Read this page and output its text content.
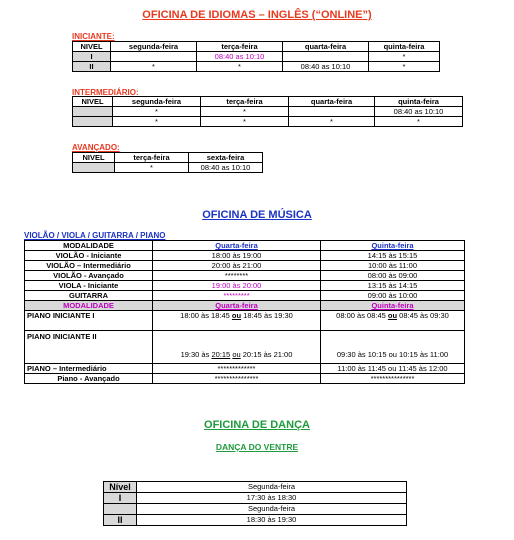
OFICINA DE IDIOMAS – INGLÊS (“ONLINE”)
INICIANTE:
NIVEL	segunda-feira	terça-feira	quarta-feira	quinta-feira
I		08:40 as 10:10		*
II	*	*	08:40 as 10:10	*
INTERMEDIÁRIO:
NIVEL	segunda-feira	terça-feira	quarta-feira	quinta-feira
	*	*		08:40 as 10:10
	*	*	*	*
AVANÇADO:
NIVEL	terça-feira	sexta-feira
	*	08:40 as 10:10
OFICINA DE MÚSICA
VIOLÃO / VIOLA / GUITARRA / PIANO
MODALIDADE	Quarta-feira	Quinta-feira
VIOLÃO - Iniciante	18:00 às 19:00	14:15 às 15:15
VIOLÃO – Intermediário	20:00 às 21:00	10:00 às 11:00
VIOLÃO - Avançado	********	08:00 às 09:00
VIOLA - Iniciante	19:00 às 20:00	13:15 às 14:15
GUITARRA	*********	09:00 às 10:00
MODALIDADE	Quarta-feira	Quinta-feira
PIANO INICIANTE I	18:00 às 18:45 ou 18:45 às 19:30	08:00 às 08:45 ou 08:45 às 09:30
PIANO INICIANTE II	19:30 às 20:15 ou 20:15 às 21:00	09:30 às 10:15 ou 10:15 às 11:00
PIANO – Intermediário	*************	11:00 às 11:45 ou 11:45 às 12:00
Piano - Avançado	***************	***************
OFICINA DE DANÇA
DANÇA DO VENTRE
Nível	Segunda-feira
I	17:30 às 18:30
	Segunda-feira
II	18:30 às 19:30
